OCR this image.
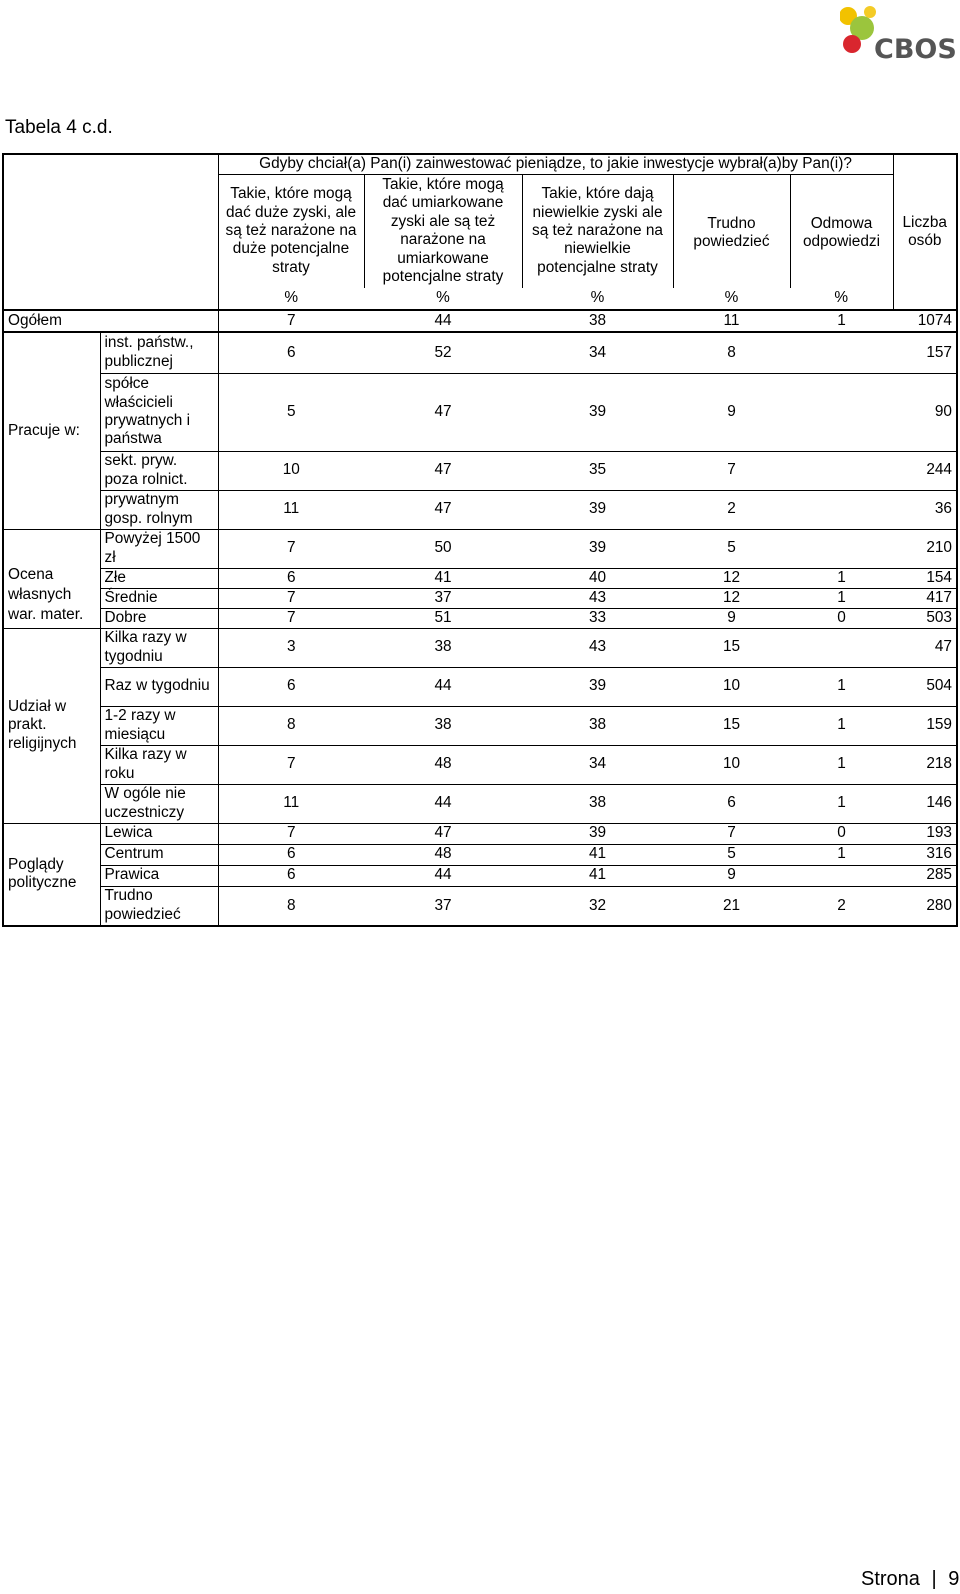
CBOS
Tabela 4 c.d.
		Gdyby chciał(a) Pan(i) zainwestować pieniądze, to jakie inwestycje wybrał(a)by Pan(i)?					Liczba osób
		Takie, które mogą dać duże zyski, ale są też narażone na duże potencjalne straty	Takie, które mogą dać umiarkowane zyski ale są też narażone na umiarkowane potencjalne straty	Takie, które dają niewielkie zyski ale są też narażone na niewielkie potencjalne straty	Trudno powiedzieć	Odmowa odpowiedzi	
		%	%	%	%	%	
Ogółem		7	44	38	11	1	1074
Pracuje w:	inst. państw., publicznej	6	52	34	8		157
	spółce właścicieli prywatnych i państwa	5	47	39	9		90
	sekt. pryw. poza rolnict.	10	47	35	7		244
	prywatnym gosp. rolnym	11	47	39	2		36
Ocena własnych war. mater.	Powyżej 1500 zł	7	50	39	5		210
	Złe	6	41	40	12	1	154
	Średnie	7	37	43	12	1	417
	Dobre	7	51	33	9	0	503
Udział w prakt. religijnych	Kilka razy w tygodniu	3	38	43	15		47
	Raz w tygodniu	6	44	39	10	1	504
	1-2 razy w miesiącu	8	38	38	15	1	159
	Kilka razy w roku	7	48	34	10	1	218
	W ogóle nie uczestniczy	11	44	38	6	1	146
Poglądy polityczne	Lewica	7	47	39	7	0	193
	Centrum	6	48	41	5	1	316
	Prawica	6	44	41	9		285
	Trudno powiedzieć	8	37	32	21	2	280
Strona | 9
